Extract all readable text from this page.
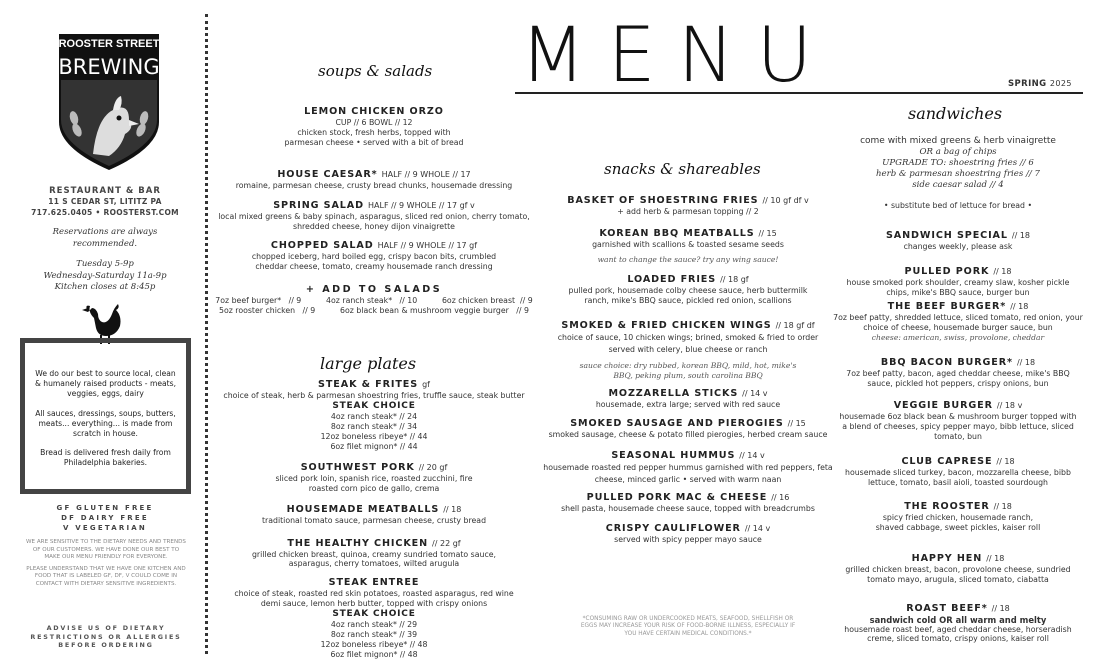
ROOSTER STREET
BREWING
RESTAURANT & BAR
11 S CEDAR ST, LITITZ PA
717.625.0405 • ROOSTERST.COM
Reservations are always recommended.
Tuesday 5-9p
Wednesday-Saturday 11a-9p
Kitchen closes at 8:45p

We do our best to source local, clean & humanely raised products - meats, veggies, eggs, dairy

All sauces, dressings, soups, butters, meats... everything... is made from scratch in house.

Bread is delivered fresh daily from Philadelphia bakeries.

GF GLUTEN FREE
DF DAIRY FREE
V VEGETARIAN

WE ARE SENSITIVE TO THE DIETARY NEEDS AND TRENDS OF OUR CUSTOMERS. WE HAVE DONE OUR BEST TO MAKE OUR MENU FRIENDLY FOR EVERYONE.

PLEASE UNDERSTAND THAT WE HAVE ONE KITCHEN AND FOOD THAT IS LABELED GF, DF, V COULD COME IN CONTACT WITH DIETARY SENSITIVE INGREDIENTS.

ADVISE US OF DIETARY RESTRICTIONS OR ALLERGIES BEFORE ORDERING
MENU	SPRING 2025
soups & salads
LEMON CHICKEN ORZO
CUP // 6 BOWL // 12
chicken stock, fresh herbs, topped with parmesan cheese • served with a bit of bread
HOUSE CAESAR* HALF // 9 WHOLE // 17
romaine, parmesan cheese, crusty bread chunks, housemade dressing
SPRING SALAD HALF // 9 WHOLE // 17 gf v
local mixed greens & baby spinach, asparagus, sliced red onion, cherry tomato, shredded cheese, honey dijon vinaigrette
CHOPPED SALAD HALF // 9 WHOLE // 17 gf
chopped iceberg, hard boiled egg, crispy bacon bits, crumbled cheddar cheese, tomato, creamy housemade ranch dressing
+ ADD TO SALADS
7oz beef burger*   // 9          4oz ranch steak*   // 10          6oz chicken breast  // 9
5oz rooster chicken   // 9          6oz black bean & mushroom veggie burger   // 9
large plates
STEAK & FRITES gf
choice of steak, herb & parmesan shoestring fries, truffle sauce, steak butter
STEAK CHOICE
4oz ranch steak* // 24
8oz ranch steak* // 34
12oz boneless ribeye* // 44
6oz filet mignon* // 44
SOUTHWEST PORK // 20 gf
sliced pork loin, spanish rice, roasted zucchini, fire roasted corn pico de gallo, crema
HOUSEMADE MEATBALLS // 18
traditional tomato sauce, parmesan cheese, crusty bread
THE HEALTHY CHICKEN // 22 gf
grilled chicken breast, quinoa, creamy sundried tomato sauce, asparagus, cherry tomatoes, wilted arugula
STEAK ENTREE
choice of steak, roasted red skin potatoes, roasted asparagus, red wine demi sauce, lemon herb butter, topped with crispy onions
STEAK CHOICE
4oz ranch steak* // 29
8oz ranch steak* // 39
12oz boneless ribeye* // 48
6oz filet mignon* // 48
snacks & shareables
BASKET OF SHOESTRING FRIES // 10 gf df v
+ add herb & parmesan topping // 2
KOREAN BBQ MEATBALLS // 15
garnished with scallions & toasted sesame seeds
want to change the sauce? try any wing sauce!
LOADED FRIES // 18 gf
pulled pork, housemade colby cheese sauce, herb buttermilk ranch, mike's BBQ sauce, pickled red onion, scallions
SMOKED & FRIED CHICKEN WINGS // 18 gf df
choice of sauce, 10 chicken wings; brined, smoked & fried to order served with celery, blue cheese or ranch
sauce choice: dry rubbed, korean BBQ, mild, hot, mike's BBQ, peking plum, south carolina BBQ
MOZZARELLA STICKS // 14 v
housemade, extra large; served with red sauce
SMOKED SAUSAGE AND PIEROGIES // 15
smoked sausage, cheese & potato filled pierogies, herbed cream sauce
SEASONAL HUMMUS // 14 v
housemade roasted red pepper hummus garnished with red peppers, feta cheese, minced garlic • served with warm naan
PULLED PORK MAC & CHEESE // 16
shell pasta, housemade cheese sauce, topped with breadcrumbs
CRISPY CAULIFLOWER // 14 v
served with spicy pepper mayo sauce
*CONSUMING RAW OR UNDERCOOKED MEATS, SEAFOOD, SHELLFISH OR EGGS MAY INCREASE YOUR RISK OF FOOD-BORNE ILLNESS, ESPECIALLY IF YOU HAVE CERTAIN MEDICAL CONDITIONS.*
sandwiches
come with mixed greens & herb vinaigrette
OR a bag of chips
UPGRADE TO: shoestring fries // 6
herb & parmesan shoestring fries // 7
side caesar salad // 4
• substitute bed of lettuce for bread •
SANDWICH SPECIAL // 18
changes weekly, please ask
PULLED PORK // 18
house smoked pork shoulder, creamy slaw, kosher pickle chips, mike's BBQ sauce, burger bun
THE BEEF BURGER* // 18
7oz beef patty, shredded lettuce, sliced tomato, red onion, your choice of cheese, housemade burger sauce, bun
cheese: american, swiss, provolone, cheddar
BBQ BACON BURGER* // 18
7oz beef patty, bacon, aged cheddar cheese, mike's BBQ sauce, pickled hot peppers, crispy onions, bun
VEGGIE BURGER // 18 v
housemade 6oz black bean & mushroom burger topped with a blend of cheeses, spicy pepper mayo, bibb lettuce, sliced tomato, bun
CLUB CAPRESE // 18
housemade sliced turkey, bacon, mozzarella cheese, bibb lettuce, tomato, basil aioli, toasted sourdough
THE ROOSTER // 18
spicy fried chicken, housemade ranch, shaved cabbage, sweet pickles, kaiser roll
HAPPY HEN // 18
grilled chicken breast, bacon, provolone cheese, sundried tomato mayo, arugula, sliced tomato, ciabatta
ROAST BEEF* // 18
sandwich cold OR all warm and melty
housemade roast beef, aged cheddar cheese, horseradish creme, sliced tomato, crispy onions, kaiser roll
